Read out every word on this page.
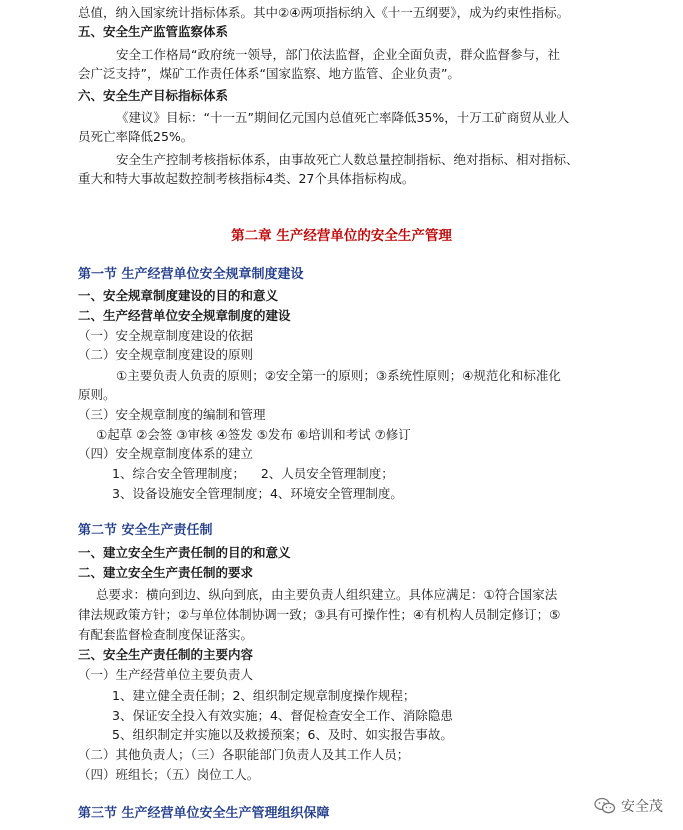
总值，纳入国家统计指标体系。其中②④两项指标纳入《十一五纲要》，成为约束性指标。
五、安全生产监管监察体系
安全工作格局“政府统一领导，部门依法监督，企业全面负责，群众监督参与，社
会广泛支持”，煤矿工作责任体系“国家监察、地方监管、企业负责”。
六、安全生产目标指标体系
《建议》目标：“十一五”期间亿元国内总值死亡率降低35%，十万工矿商贸从业人
员死亡率降低25%。
安全生产控制考核指标体系，由事故死亡人数总量控制指标、绝对指标、相对指标、
重大和特大事故起数控制考核指标4类、27个具体指标构成。
第二章 生产经营单位的安全生产管理
第一节 生产经营单位安全规章制度建设
一、安全规章制度建设的目的和意义
二、生产经营单位安全规章制度的建设
（一）安全规章制度建设的依据
（二）安全规章制度建设的原则
①主要负责人负责的原则；②安全第一的原则；③系统性原则；④规范化和标准化
原则。
（三）安全规章制度的编制和管理
①起草 ②会签 ③审核 ④签发 ⑤发布 ⑥培训和考试 ⑦修订
（四）安全规章制度体系的建立
1、综合安全管理制度；    2、人员安全管理制度；
3、设备设施安全管理制度；4、环境安全管理制度。
第二节 安全生产责任制
一、建立安全生产责任制的目的和意义
二、建立安全生产责任制的要求
总要求：横向到边、纵向到底，由主要负责人组织建立。具体应满足：①符合国家法
律法规政策方针；②与单位体制协调一致；③具有可操作性；④有机构人员制定修订；⑤
有配套监督检查制度保证落实。
三、安全生产责任制的主要内容
（一）生产经营单位主要负责人
1、建立健全责任制；2、组织制定规章制度操作规程；
3、保证安全投入有效实施；4、督促检查安全工作、消除隐患
5、组织制定并实施以及救援预案；6、及时、如实报告事故。
（二）其他负责人；（三）各职能部门负责人及其工作人员；
（四）班组长；（五）岗位工人。
第三节 生产经营单位安全生产管理组织保障	安全茂
